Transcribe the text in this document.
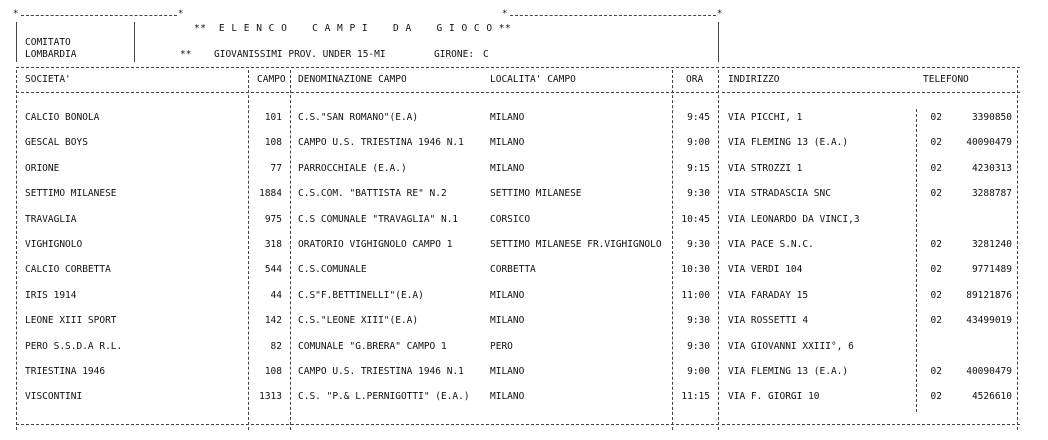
*	*	*	*
**  E L E N C O    C A M P I    D A    G I O C O **
COMITATO
LOMBARDIA	** GIOVANISSIMI PROV. UNDER 15-MI	GIRONE: C
SOCIETA'	CAMPO DENOMINAZIONE CAMPO	LOCALITA' CAMPO	ORA	INDIRIZZO	TELEFONO
CALCIO BONOLA	101 C.S."SAN ROMANO"(E.A)	MILANO	9:45 VIA PICCHI, 1	02	3390850
GESCAL BOYS	108 CAMPO U.S. TRIESTINA 1946 N.1	MILANO	9:00 VIA FLEMING 13 (E.A.)	02	40090479
ORIONE	77 PARROCCHIALE (E.A.)	MILANO	9:15 VIA STROZZI 1	02	4230313
SETTIMO MILANESE	1884 C.S.COM. "BATTISTA RE" N.2	SETTIMO MILANESE	9:30 VIA STRADASCIA SNC	02	3288787
TRAVAGLIA	975 C.S COMUNALE "TRAVAGLIA" N.1	CORSICO	10:45 VIA LEONARDO DA VINCI,3
VIGHIGNOLO	318 ORATORIO VIGHIGNOLO CAMPO 1	SETTIMO MILANESE FR.VIGHIGNOLO	9:30 VIA PACE S.N.C.	02	3281240
CALCIO CORBETTA	544 C.S.COMUNALE	CORBETTA	10:30 VIA VERDI 104	02	9771489
IRIS 1914	44 C.S"F.BETTINELLI"(E.A)	MILANO	11:00 VIA FARADAY 15	02	89121876
LEONE XIII SPORT	142 C.S."LEONE XIII"(E.A)	MILANO	9:30 VIA ROSSETTI 4	02	43499019
PERO S.S.D.A R.L.	82 COMUNALE "G.BRERA" CAMPO 1	PERO	9:30 VIA GIOVANNI XXIII°, 6
TRIESTINA 1946	108 CAMPO U.S. TRIESTINA 1946 N.1	MILANO	9:00 VIA FLEMING 13 (E.A.)	02	40090479
VISCONTINI	1313 C.S. "P.& L.PERNIGOTTI" (E.A.)	MILANO	11:15 VIA F. GIORGI 10	02	4526610
